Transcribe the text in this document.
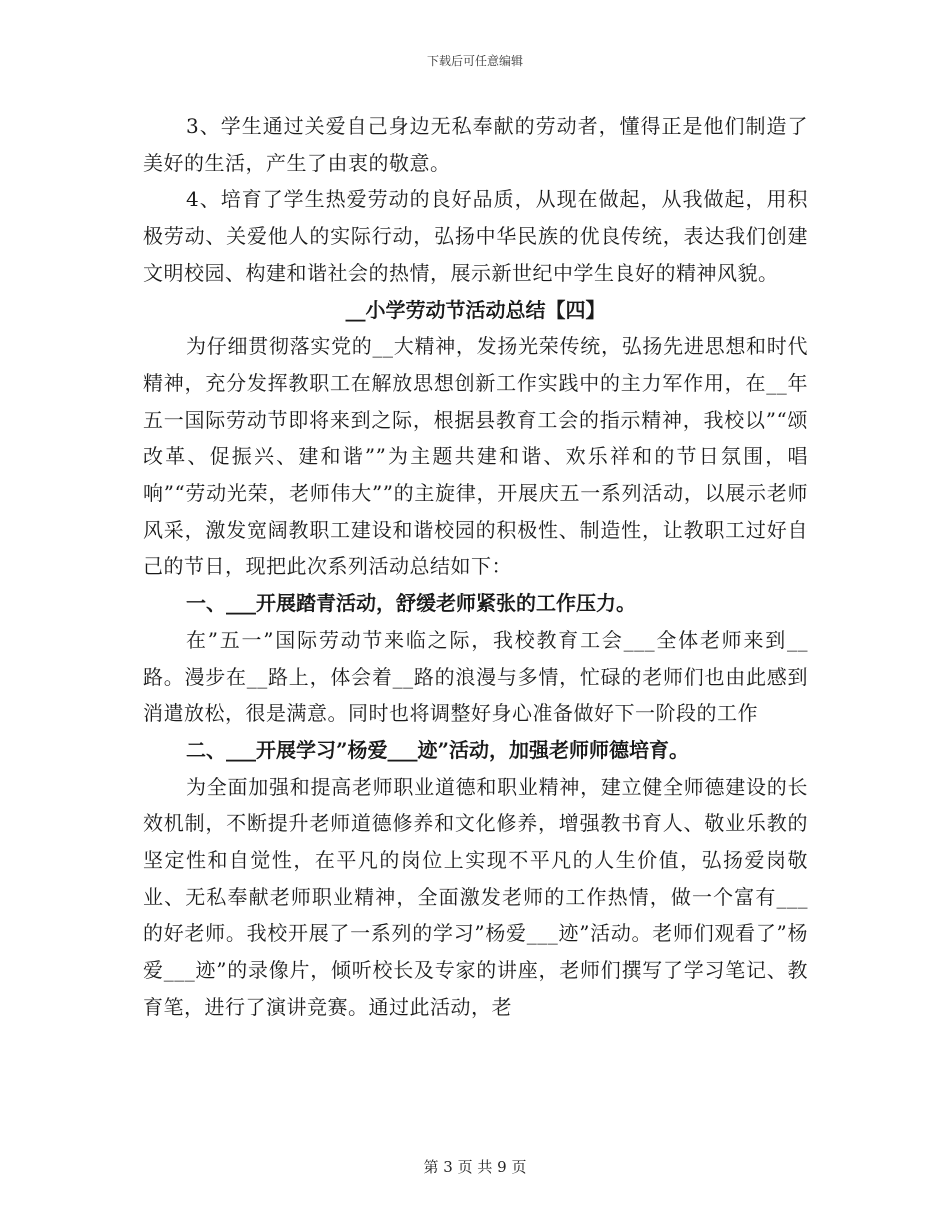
下载后可任意编辑

3、学生通过关爱自己身边无私奉献的劳动者，懂得正是他们制造了美好的生活，产生了由衷的敬意。

4、培育了学生热爱劳动的良好品质，从现在做起，从我做起，用积极劳动、关爱他人的实际行动，弘扬中华民族的优良传统，表达我们创建文明校园、构建和谐社会的热情，展示新世纪中学生良好的精神风貌。

__小学劳动节活动总结【四】

为仔细贯彻落实党的__大精神，发扬光荣传统，弘扬先进思想和时代精神，充分发挥教职工在解放思想创新工作实践中的主力军作用，在__年五一国际劳动节即将来到之际，根据县教育工会的指示精神，我校以”“颂改革、促振兴、建和谐””为主题共建和谐、欢乐祥和的节日氛围，唱响”“劳动光荣，老师伟大””的主旋律，开展庆五一系列活动，以展示老师风采，激发宽阔教职工建设和谐校园的积极性、制造性，让教职工过好自己的节日，现把此次系列活动总结如下：

一、___开展踏青活动，舒缓老师紧张的工作压力。

在”五一”国际劳动节来临之际，我校教育工会___全体老师来到__路。漫步在__路上，体会着__路的浪漫与多情，忙碌的老师们也由此感到消遣放松，很是满意。同时也将调整好身心准备做好下一阶段的工作

二、___开展学习”杨爱___迹”活动，加强老师师德培育。

为全面加强和提高老师职业道德和职业精神，建立健全师德建设的长效机制，不断提升老师道德修养和文化修养，增强教书育人、敬业乐教的坚定性和自觉性，在平凡的岗位上实现不平凡的人生价值，弘扬爱岗敬业、无私奉献老师职业精神，全面激发老师的工作热情，做一个富有___的好老师。我校开展了一系列的学习”杨爱___迹”活动。老师们观看了”杨爱___迹”的录像片，倾听校长及专家的讲座，老师们撰写了学习笔记、教育笔，进行了演讲竞赛。通过此活动，老

第 3 页 共 9 页
